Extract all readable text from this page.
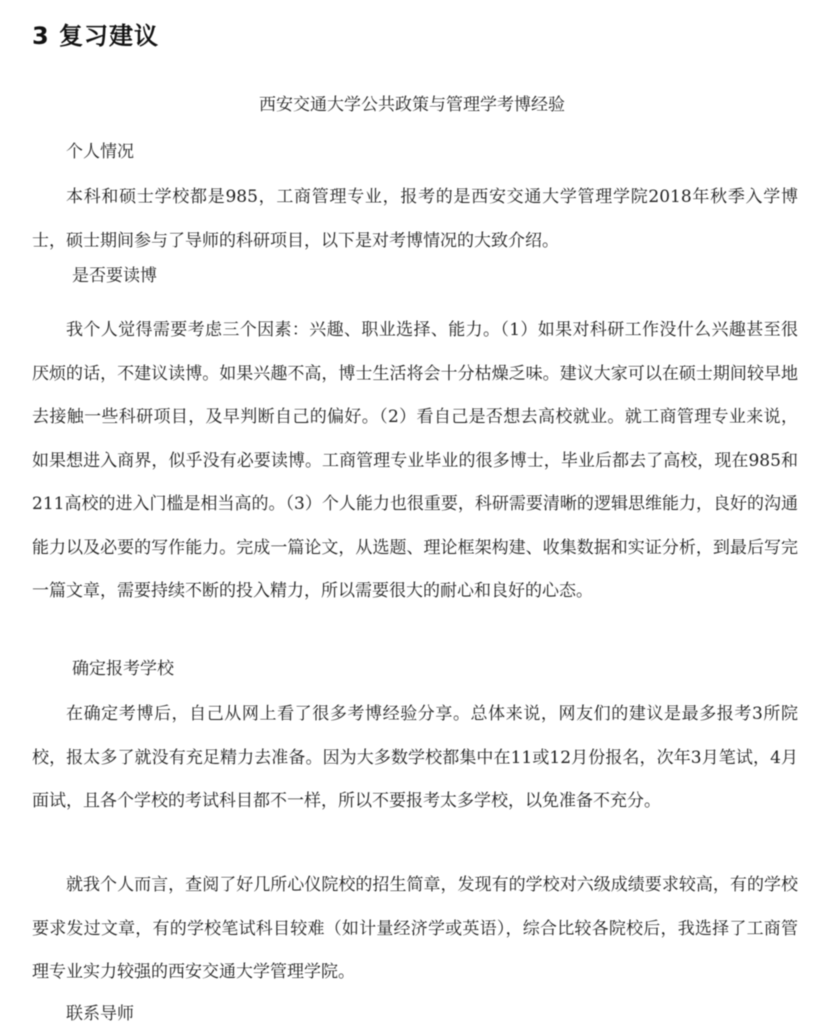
3 复习建议
西安交通大学公共政策与管理学考博经验
个人情况
本科和硕士学校都是985，工商管理专业，报考的是西安交通大学管理学院2018年秋季入学博士，硕士期间参与了导师的科研项目，以下是对考博情况的大致介绍。
是否要读博
我个人觉得需要考虑三个因素：兴趣、职业选择、能力。（1）如果对科研工作没什么兴趣甚至很厌烦的话，不建议读博。如果兴趣不高，博士生活将会十分枯燥乏味。建议大家可以在硕士期间较早地去接触一些科研项目，及早判断自己的偏好。（2）看自己是否想去高校就业。就工商管理专业来说，如果想进入商界，似乎没有必要读博。工商管理专业毕业的很多博士，毕业后都去了高校，现在985和211高校的进入门槛是相当高的。（3）个人能力也很重要，科研需要清晰的逻辑思维能力，良好的沟通能力以及必要的写作能力。完成一篇论文，从选题、理论框架构建、收集数据和实证分析，到最后写完一篇文章，需要持续不断的投入精力，所以需要很大的耐心和良好的心态。
确定报考学校
在确定考博后，自己从网上看了很多考博经验分享。总体来说，网友们的建议是最多报考3所院校，报太多了就没有充足精力去准备。因为大多数学校都集中在11或12月份报名，次年3月笔试，4月面试，且各个学校的考试科目都不一样，所以不要报考太多学校，以免准备不充分。
就我个人而言，查阅了好几所心仪院校的招生简章，发现有的学校对六级成绩要求较高，有的学校要求发过文章，有的学校笔试科目较难（如计量经济学或英语），综合比较各院校后，我选择了工商管理专业实力较强的西安交通大学管理学院。
联系导师
